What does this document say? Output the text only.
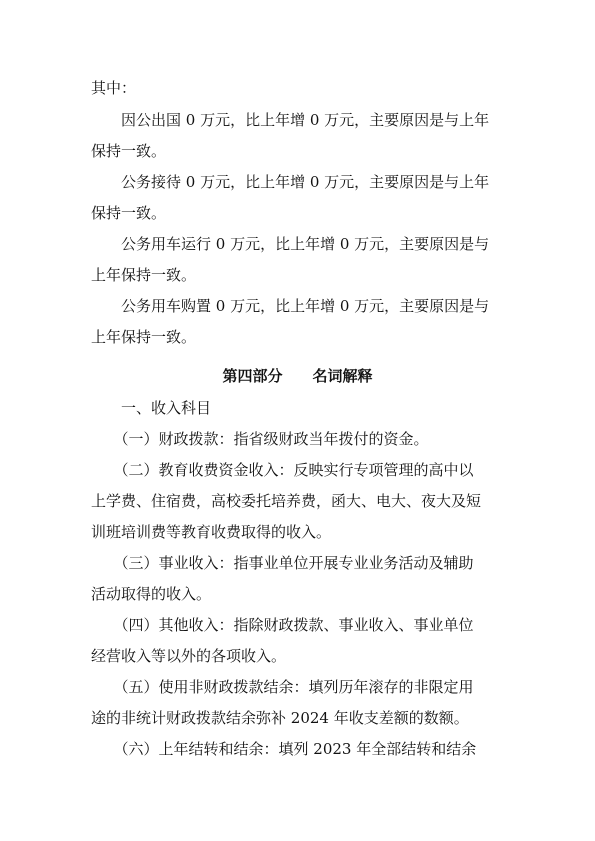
其中：
　　因公出国 0 万元，比上年增 0 万元，主要原因是与上年
保持一致。
　　公务接待 0 万元，比上年增 0 万元，主要原因是与上年
保持一致。
　　公务用车运行 0 万元，比上年增 0 万元，主要原因是与
上年保持一致。
　　公务用车购置 0 万元，比上年增 0 万元，主要原因是与
上年保持一致。
第四部分　　名词解释
　　一、收入科目
　　（一）财政拨款：指省级财政当年拨付的资金。
　　（二）教育收费资金收入：反映实行专项管理的高中以
上学费、住宿费，高校委托培养费，函大、电大、夜大及短
训班培训费等教育收费取得的收入。
　　（三）事业收入：指事业单位开展专业业务活动及辅助
活动取得的收入。
　　（四）其他收入：指除财政拨款、事业收入、事业单位
经营收入等以外的各项收入。
　　（五）使用非财政拨款结余：填列历年滚存的非限定用
途的非统计财政拨款结余弥补 2024 年收支差额的数额。
　　（六）上年结转和结余：填列 2023 年全部结转和结余
